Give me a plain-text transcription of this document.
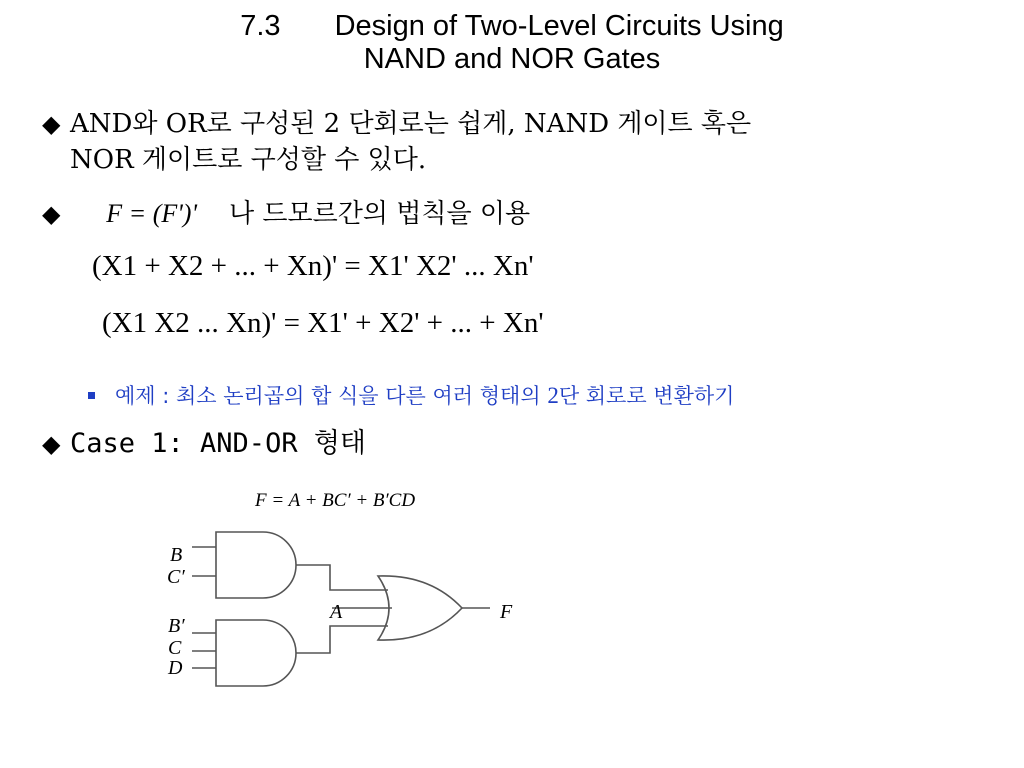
7.3 Design of Two-Level Circuits Using
NAND and NOR Gates
◆ AND와 OR로 구성된 2 단회로는 쉽게, NAND 게이트 혹은
NOR 게이트로 구성할 수 있다.
◆ F = (F')' 나 드모르간의 법칙을 이용
(X1 + X2 + ... + Xn)' = X1' X2' ... Xn'
(X1 X2 ... Xn)' = X1' + X2' + ... + Xn'
예제 : 최소 논리곱의 합 식을 다른 여러 형태의 2단 회로로 변환하기
◆ Case 1: AND-OR 형태
F = A + BC′ + B′CD
B
C′
B′
C
D
A	F
